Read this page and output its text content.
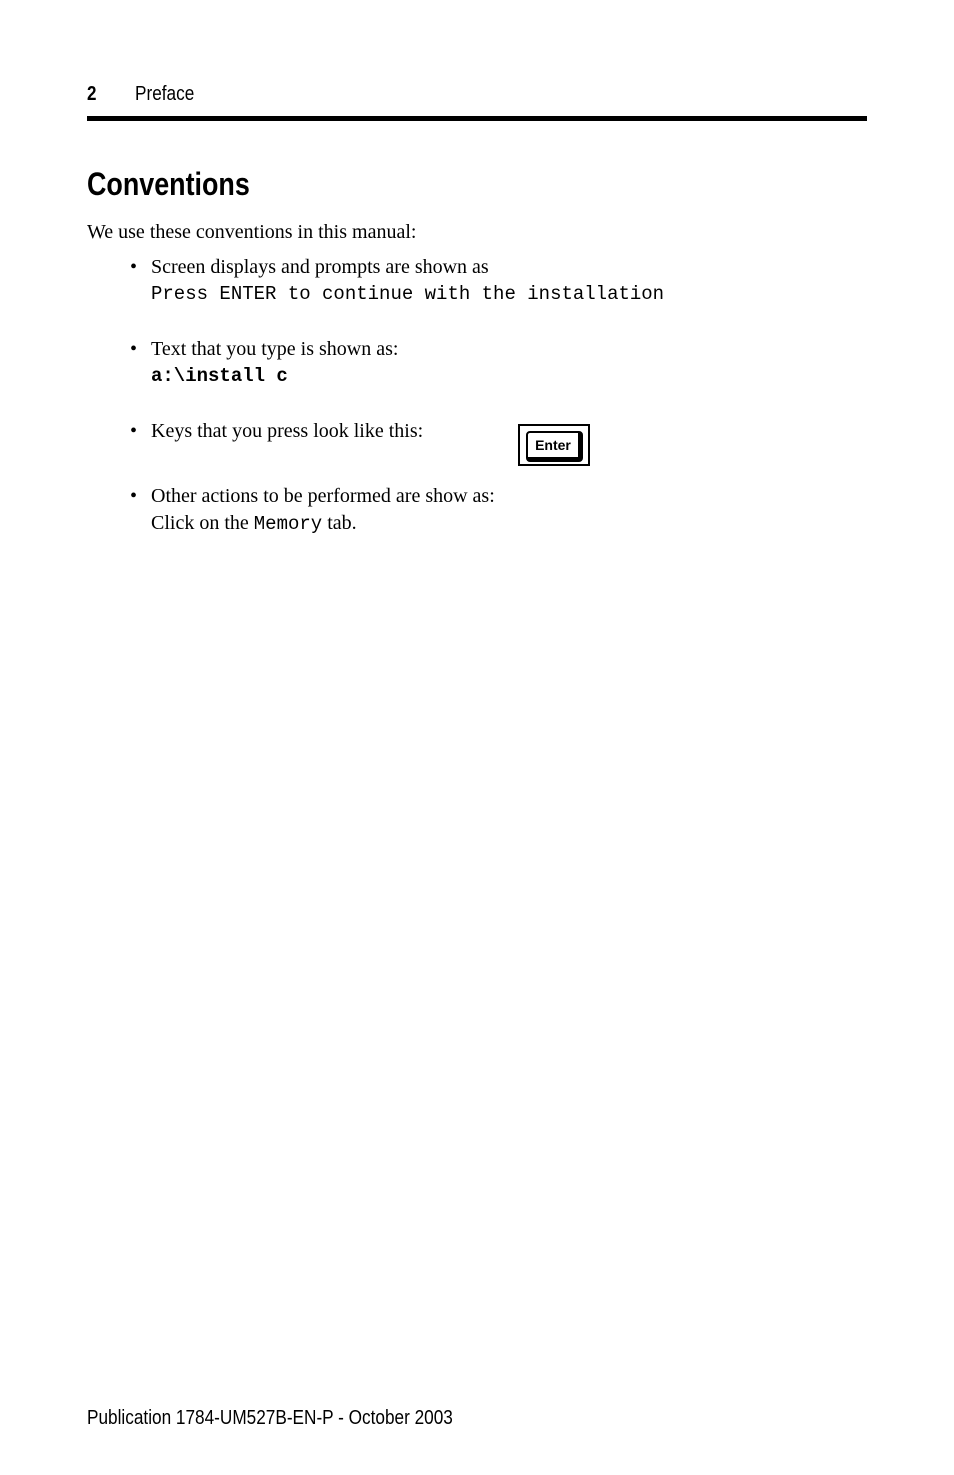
2 Preface
Conventions
We use these conventions in this manual:
• Screen displays and prompts are shown as
Press ENTER to continue with the installation
• Text that you type is shown as:
a:\install c
• Keys that you press look like this:
Enter
• Other actions to be performed are show as:
Click on the Memory tab.
Publication 1784-UM527B-EN-P - October 2003
